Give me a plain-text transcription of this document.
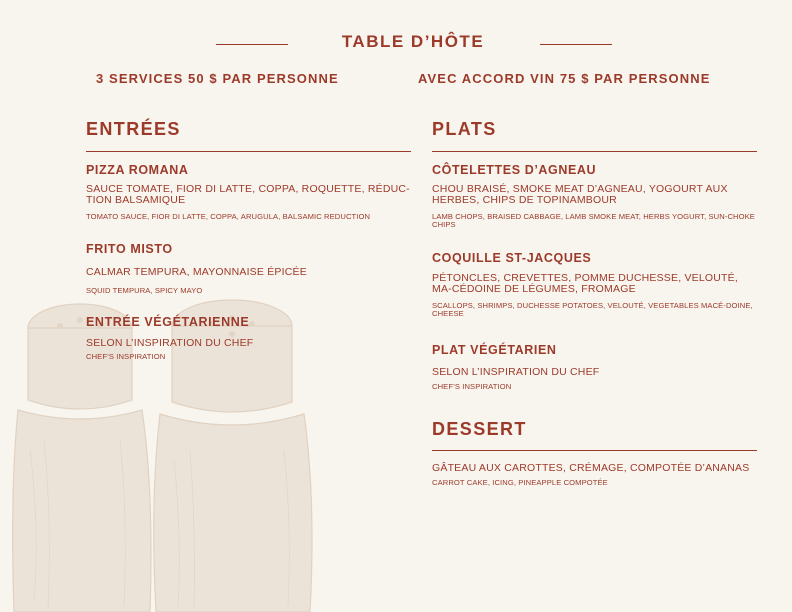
TABLE D’HÔTE
3 SERVICES 50 $ PAR PERSONNE	AVEC ACCORD VIN 75 $ PAR PERSONNE
ENTRÉES

PIZZA ROMANA

SAUCE TOMATE, FIOR DI LATTE, COPPA, ROQUETTE, RÉDUC-TION BALSAMIQUE

TOMATO SAUCE, FIOR DI LATTE, COPPA, ARUGULA, BALSAMIC REDUCTION

FRITO MISTO

CALMAR TEMPURA, MAYONNAISE ÉPICÉE

SQUID TEMPURA, SPICY MAYO

ENTRÉE VÉGÉTARIENNE

SELON L’INSPIRATION DU CHEF

CHEF’S INSPIRATION

PLATS

CÔTELETTES D’AGNEAU

CHOU BRAISÉ, SMOKE MEAT D’AGNEAU, YOGOURT AUX HERBES, CHIPS DE TOPINAMBOUR

LAMB CHOPS, BRAISED CABBAGE, LAMB SMOKE MEAT, HERBS YOGURT, SUN-CHOKE CHIPS

COQUILLE ST-JACQUES

PÉTONCLES, CREVETTES, POMME DUCHESSE, VELOUTÉ, MA-CÉDOINE DE LÉGUMES, FROMAGE

SCALLOPS, SHRIMPS, DUCHESSE POTATOES, VELOUTÉ, VEGETABLES MACÉ-DOINE, CHEESE

PLAT VÉGÉTARIEN

SELON L’INSPIRATION DU CHEF

CHEF’S INSPIRATION

DESSERT

GÂTEAU AUX CAROTTES, CRÉMAGE, COMPOTÉE D’ANANAS

CARROT CAKE, ICING, PINEAPPLE COMPOTÉE
